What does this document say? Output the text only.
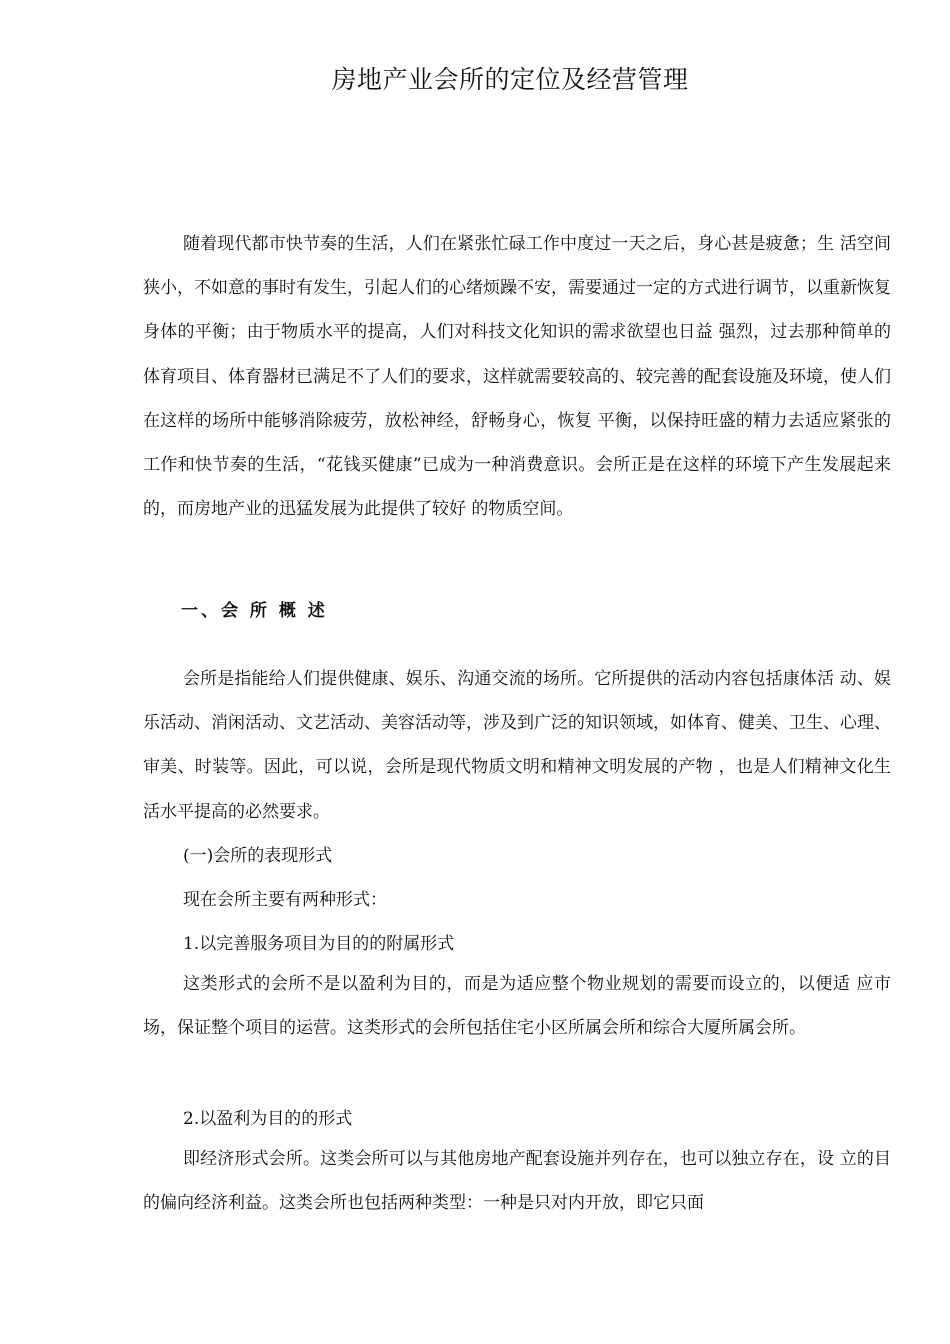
房地产业会所的定位及经营管理

随着现代都市快节奏的生活，人们在紧张忙碌工作中度过一天之后，身心甚是疲惫；生 活空间狭小，不如意的事时有发生，引起人们的心绪烦躁不安，需要通过一定的方式进行调节，以重新恢复身体的平衡；由于物质水平的提高，人们对科技文化知识的需求欲望也日益 强烈，过去那种简单的体育项目、体育器材已满足不了人们的要求，这样就需要较高的、较完善的配套设施及环境，使人们在这样的场所中能够消除疲劳，放松神经，舒畅身心，恢复 平衡，以保持旺盛的精力去适应紧张的工作和快节奏的生活，“花钱买健康”已成为一种消费意识。会所正是在这样的环境下产生发展起来的，而房地产业的迅猛发展为此提供了较好 的物质空间。

一、会 所 概 述

会所是指能给人们提供健康、娱乐、沟通交流的场所。它所提供的活动内容包括康体活 动、娱乐活动、消闲活动、文艺活动、美容活动等，涉及到广泛的知识领域，如体育、健美、卫生、心理、审美、时装等。因此，可以说，会所是现代物质文明和精神文明发展的产物 ，也是人们精神文化生活水平提高的必然要求。

(一)会所的表现形式

现在会所主要有两种形式：

1.以完善服务项目为目的的附属形式

这类形式的会所不是以盈利为目的，而是为适应整个物业规划的需要而设立的，以便适 应市场，保证整个项目的运营。这类形式的会所包括住宅小区所属会所和综合大厦所属会所。

2.以盈利为目的的形式

即经济形式会所。这类会所可以与其他房地产配套设施并列存在，也可以独立存在，设 立的目的偏向经济利益。这类会所也包括两种类型：一种是只对内开放，即它只面
